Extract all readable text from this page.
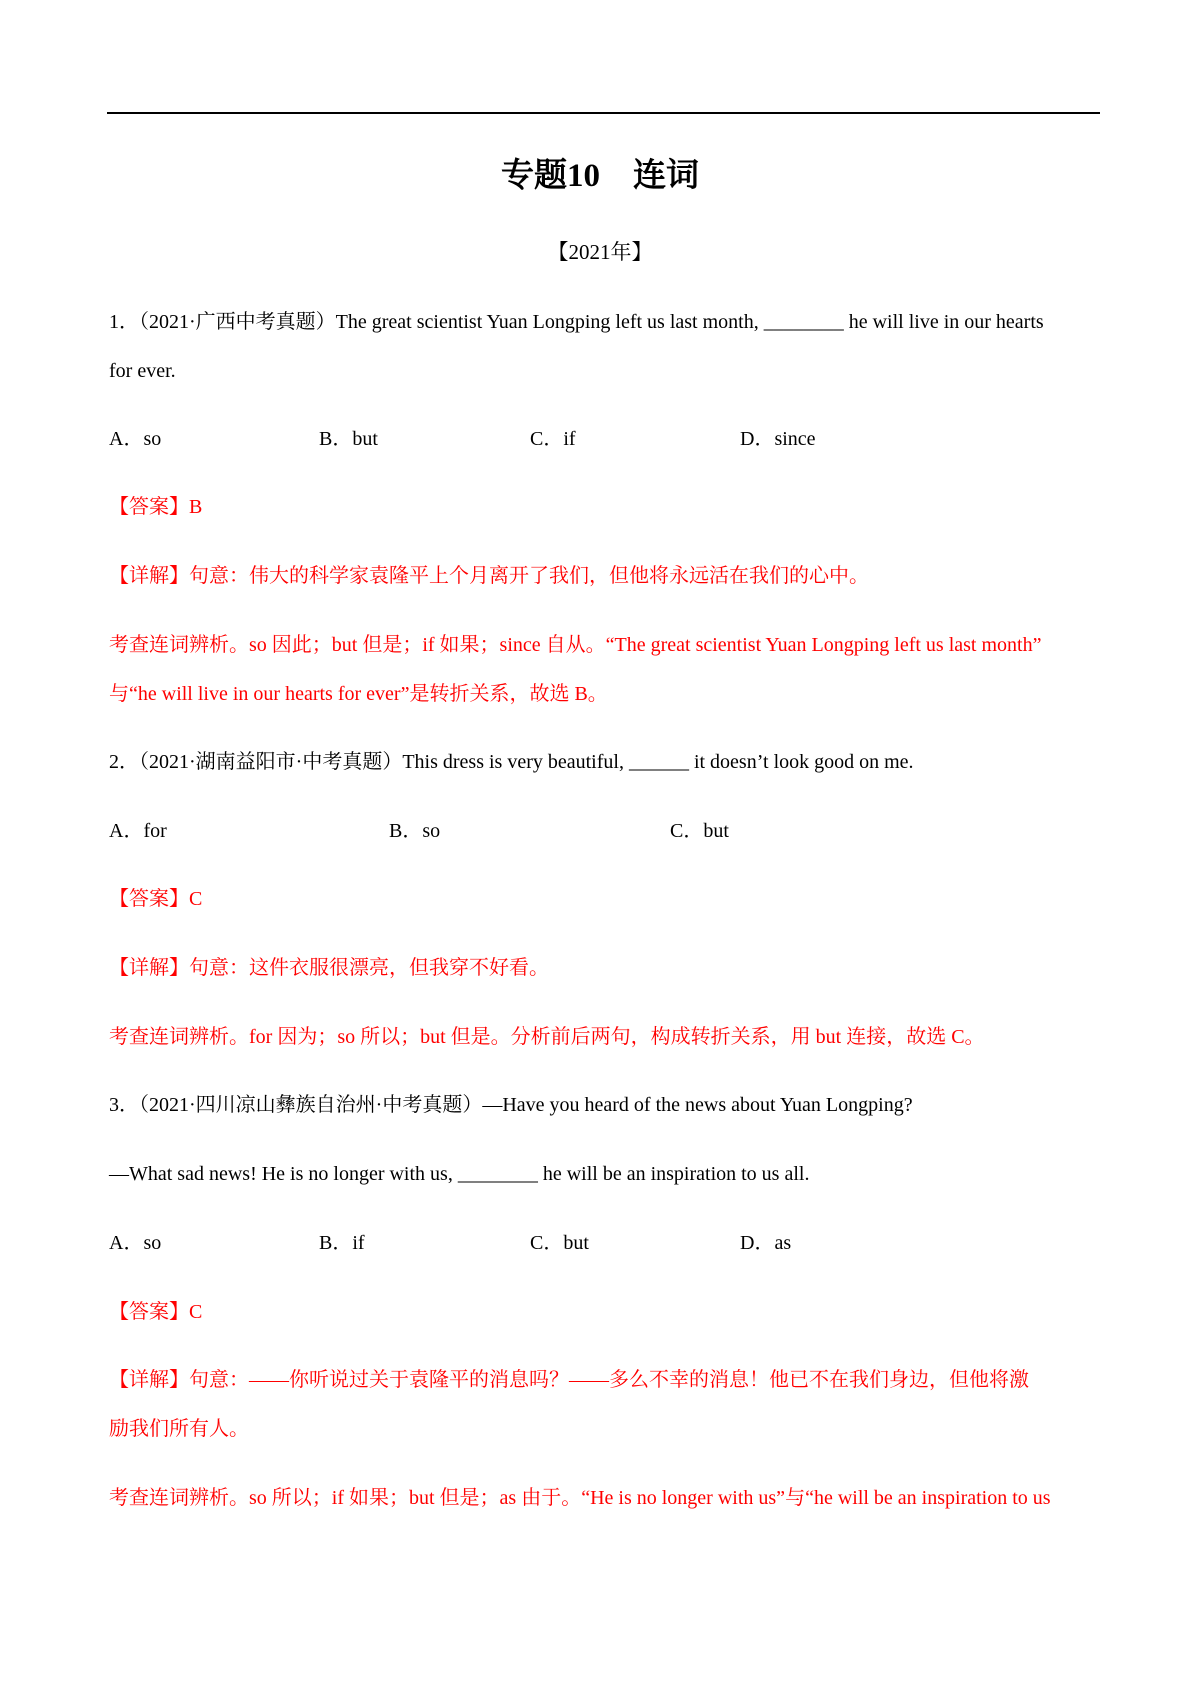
专题10    连词
【2021年】
1．（2021·广西中考真题）The great scientist Yuan Longping left us last month, ________ he will live in our hearts
for ever.
A．so	B．but	C．if	D．since
【答案】B
【详解】句意：伟大的科学家袁隆平上个月离开了我们，但他将永远活在我们的心中。
考查连词辨析。so 因此；but 但是；if 如果；since 自从。“The great scientist Yuan Longping left us last month”
与“he will live in our hearts for ever”是转折关系，故选 B。
2．（2021·湖南益阳市·中考真题）This dress is very beautiful, ______ it doesn’t look good on me.
A．for	B．so	C．but
【答案】C
【详解】句意：这件衣服很漂亮，但我穿不好看。
考查连词辨析。for 因为；so 所以；but 但是。分析前后两句，构成转折关系，用 but 连接，故选 C。
3．（2021·四川凉山彝族自治州·中考真题）—Have you heard of the news about Yuan Longping?
—What sad news! He is no longer with us, ________ he will be an inspiration to us all.
A．so	B．if	C．but	D．as
【答案】C
【详解】句意：——你听说过关于袁隆平的消息吗？——多么不幸的消息！他已不在我们身边，但他将激
励我们所有人。
考查连词辨析。so 所以；if 如果；but 但是；as 由于。“He is no longer with us”与“he will be an inspiration to us
